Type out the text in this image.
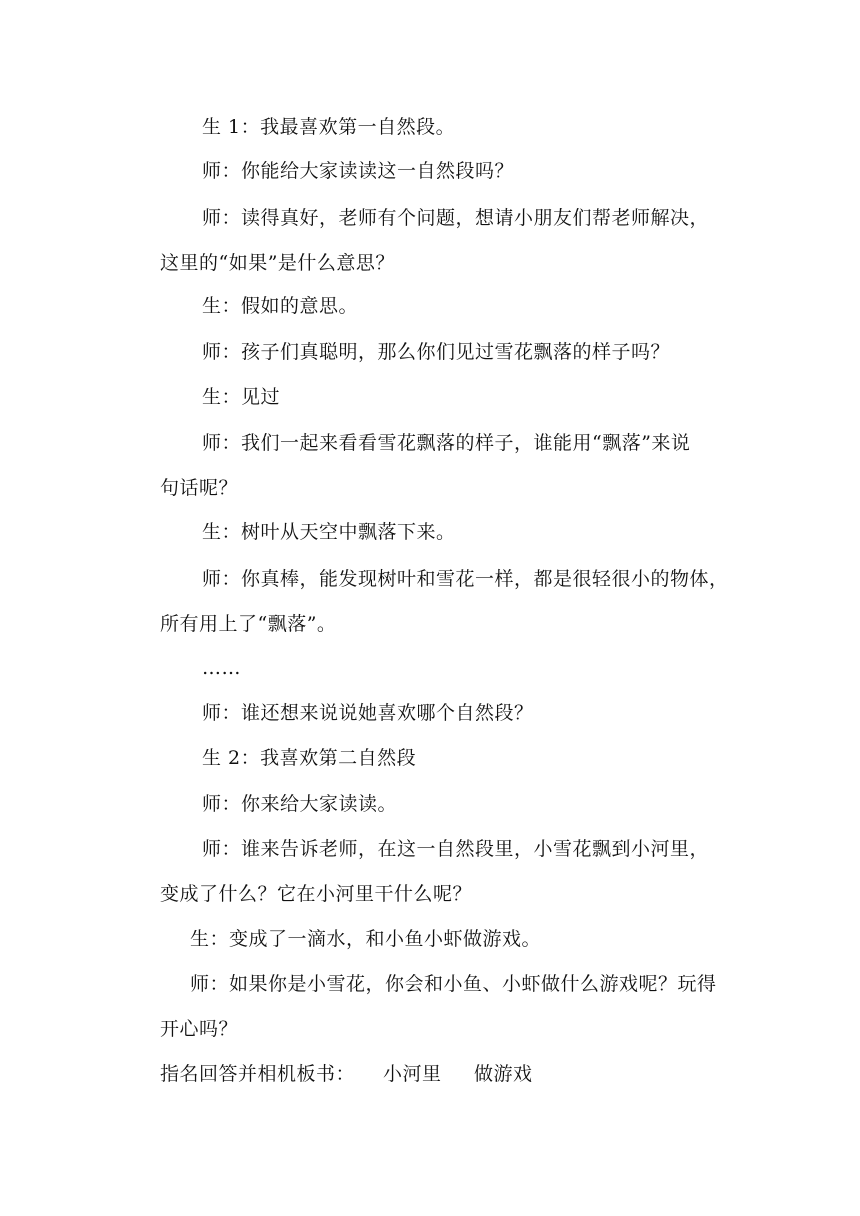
生 1：我最喜欢第一自然段。
师：你能给大家读读这一自然段吗？
师：读得真好，老师有个问题，想请小朋友们帮老师解决，
这里的“如果”是什么意思？
生：假如的意思。
师：孩子们真聪明，那么你们见过雪花飘落的样子吗？
生：见过
师：我们一起来看看雪花飘落的样子，谁能用“飘落”来说
句话呢？
生：树叶从天空中飘落下来。
师：你真棒，能发现树叶和雪花一样，都是很轻很小的物体，
所有用上了“飘落”。
……
师：谁还想来说说她喜欢哪个自然段？
生 2：我喜欢第二自然段
师：你来给大家读读。
师：谁来告诉老师，在这一自然段里，小雪花飘到小河里，
变成了什么？它在小河里干什么呢？
生：变成了一滴水，和小鱼小虾做游戏。
师：如果你是小雪花，你会和小鱼、小虾做什么游戏呢？玩得
开心吗？
指名回答并相机板书： 小河里 做游戏
